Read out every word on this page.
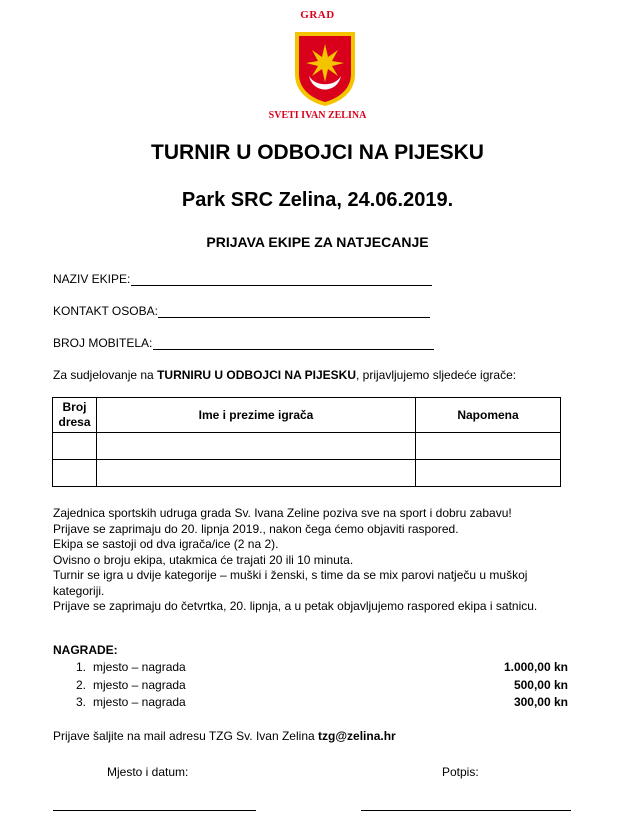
GRAD
SVETI IVAN ZELINA
TURNIR U ODBOJCI NA PIJESKU
Park SRC Zelina, 24.06.2019.
PRIJAVA EKIPE ZA NATJECANJE
NAZIV EKIPE:
KONTAKT OSOBA:
BROJ MOBITELA:
Za sudjelovanje na TURNIRU U ODBOJCI NA PIJESKU, prijavljujemo sljedeće igrače:
Broj dresa	Ime i prezime igrača	Napomena

Zajednica sportskih udruga grada Sv. Ivana Zeline poziva sve na sport i dobru zabavu!
Prijave se zaprimaju do 20. lipnja 2019., nakon čega ćemo objaviti raspored.
Ekipa se sastoji od dva igrača/ice (2 na 2).
Ovisno o broju ekipa, utakmica će trajati 20 ili 10 minuta.
Turnir se igra u dvije kategorije – muški i ženski, s time da se mix parovi natječu u muškoj kategoriji.
Prijave se zaprimaju do četvrtka, 20. lipnja, a u petak objavljujemo raspored ekipa i satnicu.
NAGRADE:
1. mjesto – nagrada	1.000,00 kn
2. mjesto – nagrada	500,00 kn
3. mjesto – nagrada	300,00 kn
Prijave šaljite na mail adresu TZG Sv. Ivan Zelina tzg@zelina.hr
Mjesto i datum:	Potpis:
